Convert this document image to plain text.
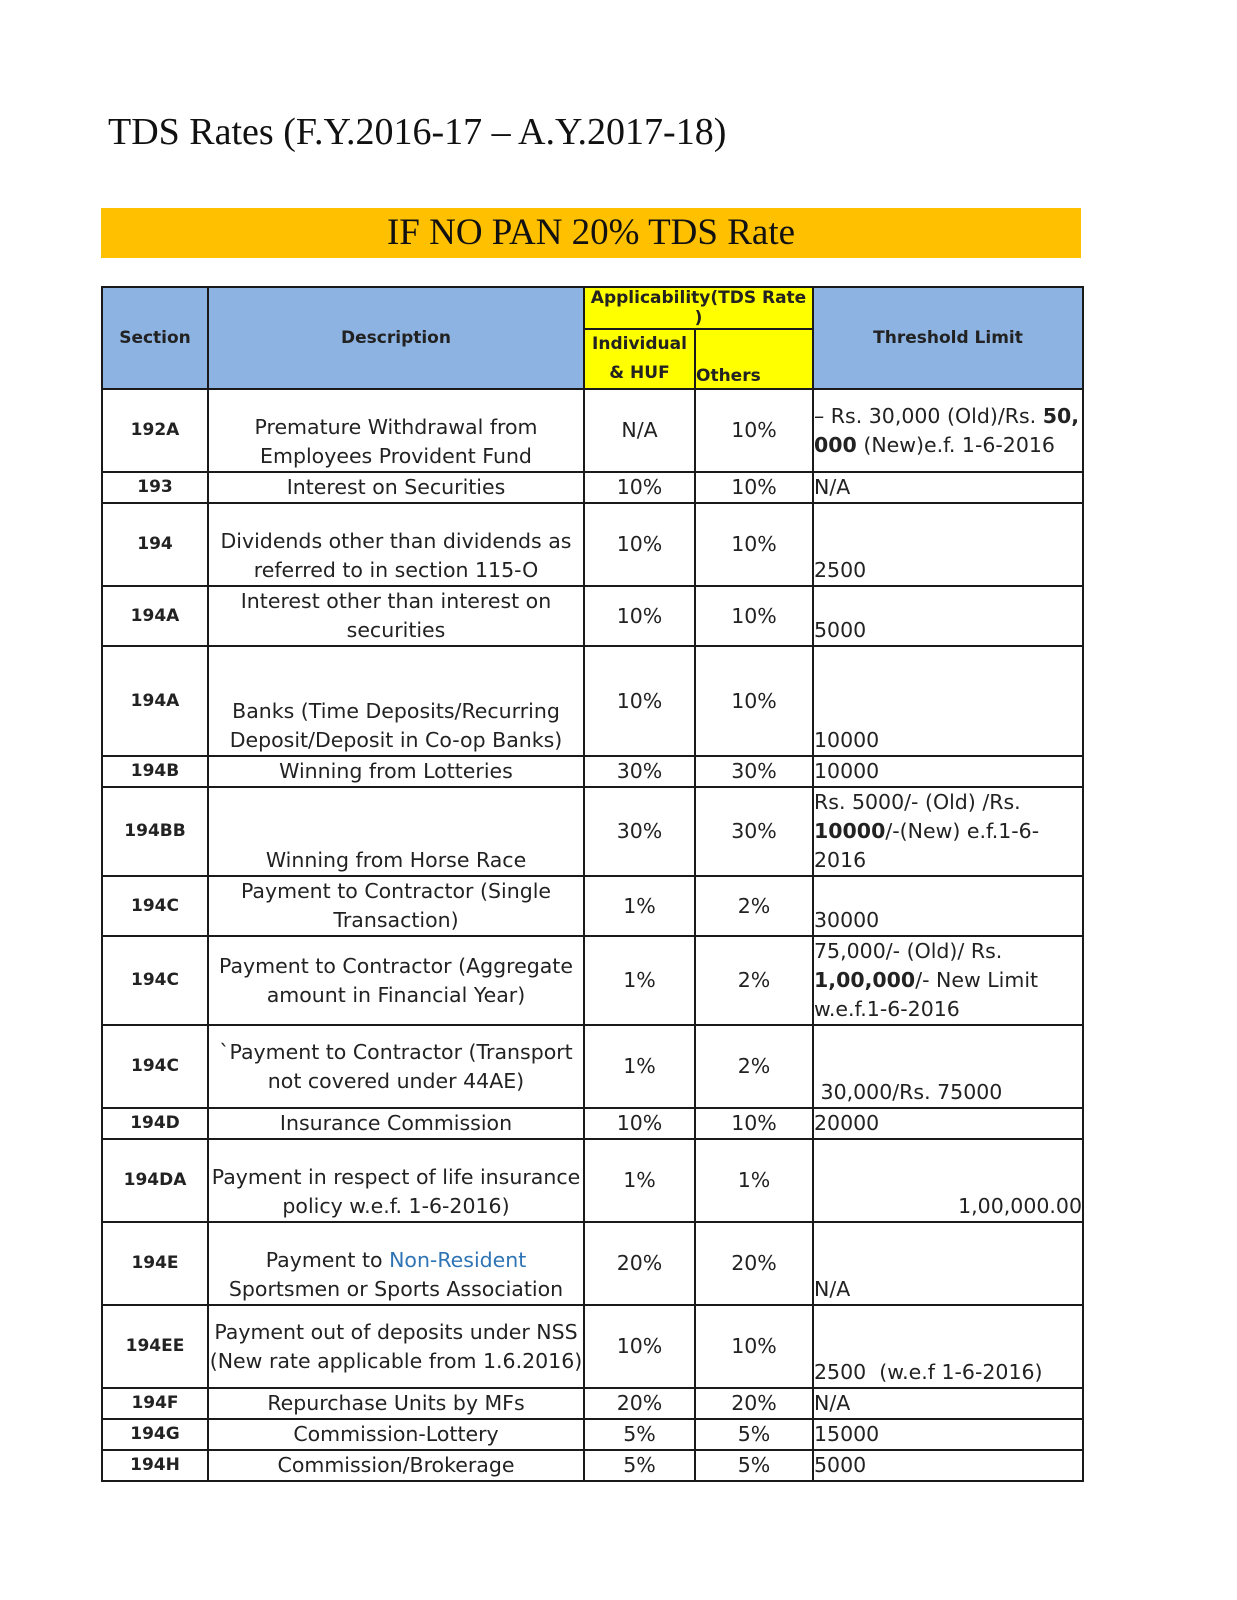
TDS Rates (F.Y.2016-17 – A.Y.2017-18)
IF NO PAN 20% TDS Rate
Section	Description	Applicability(TDS Rate )		Threshold Limit
		Individual & HUF	Others	
192A	Premature Withdrawal from Employees Provident Fund	N/A	10%	– Rs. 30,000 (Old)/Rs. 50, 000 (New)e.f. 1-6-2016
193	Interest on Securities	10%	10%	N/A
194	Dividends other than dividends as referred to in section 115-O	10%	10%	2500
194A	Interest other than interest on securities	10%	10%	5000
194A	Banks (Time Deposits/Recurring Deposit/Deposit in Co-op Banks)	10%	10%	10000
194B	Winning from Lotteries	30%	30%	10000
194BB	Winning from Horse Race	30%	30%	Rs. 5000/- (Old) /Rs. 10000/-(New) e.f.1-6-2016
194C	Payment to Contractor (Single Transaction)	1%	2%	30000
194C	Payment to Contractor (Aggregate amount in Financial Year)	1%	2%	75,000/- (Old)/ Rs. 1,00,000/- New Limit w.e.f.1-6-2016
194C	`Payment to Contractor (Transport not covered under 44AE)	1%	2%	30,000/Rs. 75000
194D	Insurance Commission	10%	10%	20000
194DA	Payment in respect of life insurance policy w.e.f. 1-6-2016)	1%	1%	1,00,000.00
194E	Payment to Non-Resident Sportsmen or Sports Association	20%	20%	N/A
194EE	Payment out of deposits under NSS (New rate applicable from 1.6.2016)	10%	10%	2500  (w.e.f 1-6-2016)
194F	Repurchase Units by MFs	20%	20%	N/A
194G	Commission-Lottery	5%	5%	15000
194H	Commission/Brokerage	5%	5%	5000
